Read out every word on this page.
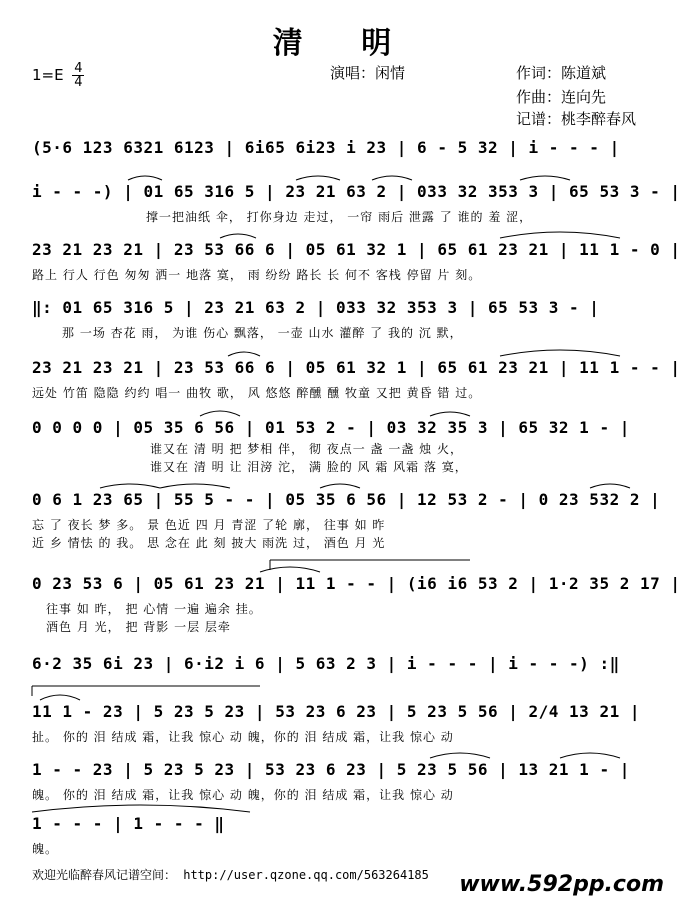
清 明
$1=E \frac{4}{4}$	演唱：闲情	作词：陈道斌
作曲：连向先
记谱：桃李醉春风
(5·6 123 6321 6123 | 6i65 6i23 i 23 | 6 - 5 32 | i - - - |
i - - -) | 01 65 316 5 | 23 21 63 2 | 033 32 353 3 | 65 53 3 - |
撑一把油纸 伞， 打你身边 走过， 一帘 雨后 泄露 了 谁的 羞 涩，
23 21 23 21 | 23 53 66 6 | 05 61 32 1 | 65 61 23 21 | 11 1 - 0 |
路上 行人 行色 匆匆 洒一 地落 寞， 雨 纷纷 路长 长 何不 客栈 停留 片 刻。
‖: 01 65 316 5 | 23 21 63 2 | 033 32 353 3 | 65 53 3 - |
那 一场 杏花 雨， 为谁 伤心 飘落， 一壶 山水 灌醉 了 我的 沉 默，
23 21 23 21 | 23 53 66 6 | 05 61 32 1 | 65 61 23 21 | 11 1 - - |
远处 竹笛 隐隐 约约 唱一 曲牧 歌， 风 悠悠 醉醺 醺 牧童 又把 黄昏 错 过。
0 0 0 0 | 05 35 6 56 | 01 53 2 - | 03 32 35 3 | 65 32 1 - |
谁又在 清 明 把 梦相 伴， 彻 夜点一 盏 一盏 烛 火，
谁又在 清 明 让 泪滂 沱， 满 脸的 风 霜 风霜 落 寞，
0 6 1 23 65 | 55 5 - - | 05 35 6 56 | 12 53 2 - | 0 23 532 2 |
忘 了 夜长 梦 多。 景 色近 四 月 青涩 了轮 廓， 往事 如 昨
近 乡 情怯 的 我。 思 念在 此 刻 披大 雨洗 过， 酒色 月 光
0 23 53 6 | 05 61 23 21 | 11 1 - - | (i6 i6 53 2 | 1·2 35 2 17 |
往事 如 昨， 把 心情 一遍 遍余 挂。
酒色 月 光， 把 背影 一层 层牵
6·2 35 6i 23 | 6·i2 i 6 | 5 63 2 3 | i - - - | i - - -) :‖
11 1 - 23 | 5 23 5 23 | 53 23 6 23 | 5 23 5 56 | 2/4 13 21 |
扯。 你的 泪 结成 霜，让我 惊心 动 魄，你的 泪 结成 霜，让我 惊心 动
1 - - 23 | 5 23 5 23 | 53 23 6 23 | 5 23 5 56 | 13 21 1 - |
魄。 你的 泪 结成 霜，让我 惊心 动 魄，你的 泪 结成 霜，让我 惊心 动
1 - - - | 1 - - - ‖
魄。
欢迎光临醉春风记谱空间： http://user.qzone.qq.com/563264185 www.592pp.com
